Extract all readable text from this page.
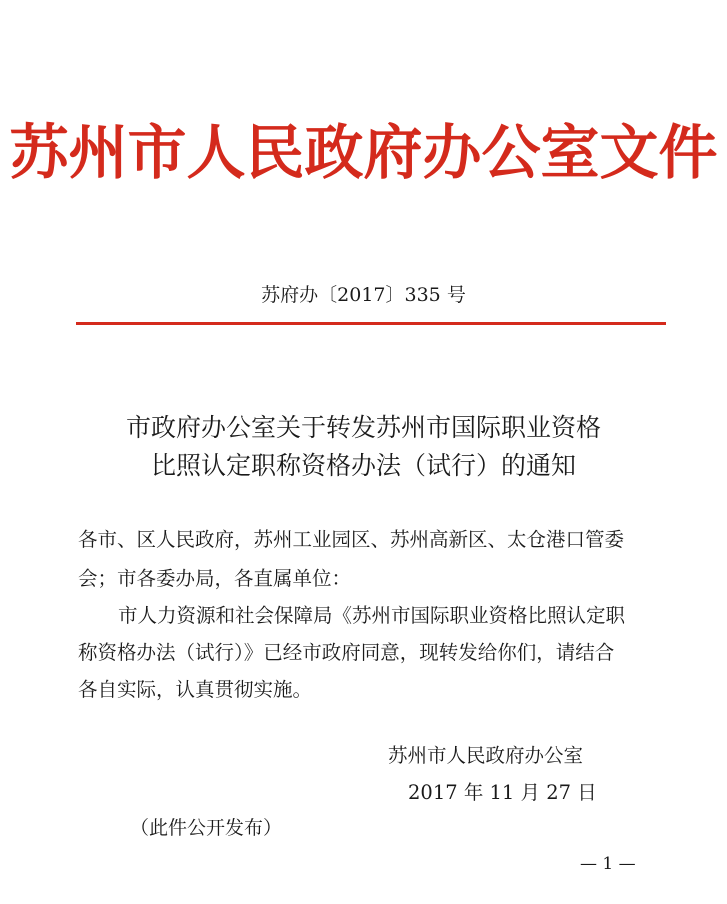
苏州市人民政府办公室文件
苏府办〔2017〕335 号
市政府办公室关于转发苏州市国际职业资格
比照认定职称资格办法（试行）的通知
各市、区人民政府，苏州工业园区、苏州高新区、太仓港口管委
会；市各委办局，各直属单位：
市人力资源和社会保障局《苏州市国际职业资格比照认定职
称资格办法（试行）》已经市政府同意，现转发给你们，请结合
各自实际，认真贯彻实施。
苏州市人民政府办公室
2017 年 11 月 27 日
（此件公开发布）
— 1 —
